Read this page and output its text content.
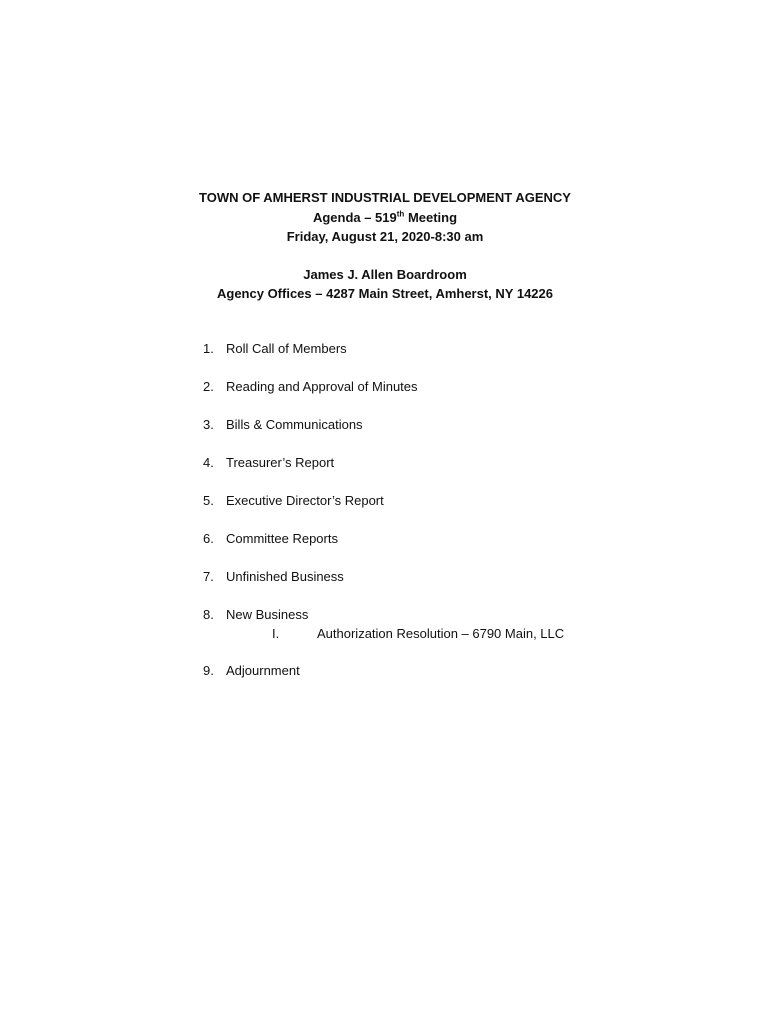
TOWN OF AMHERST INDUSTRIAL DEVELOPMENT AGENCY
Agenda – 519th Meeting
Friday, August 21, 2020-8:30 am
James J. Allen Boardroom
Agency Offices – 4287 Main Street, Amherst, NY 14226
1. Roll Call of Members
2. Reading and Approval of Minutes
3. Bills & Communications
4. Treasurer’s Report
5. Executive Director’s Report
6. Committee Reports
7. Unfinished Business
8. New Business
I.	Authorization Resolution – 6790 Main, LLC
9. Adjournment
